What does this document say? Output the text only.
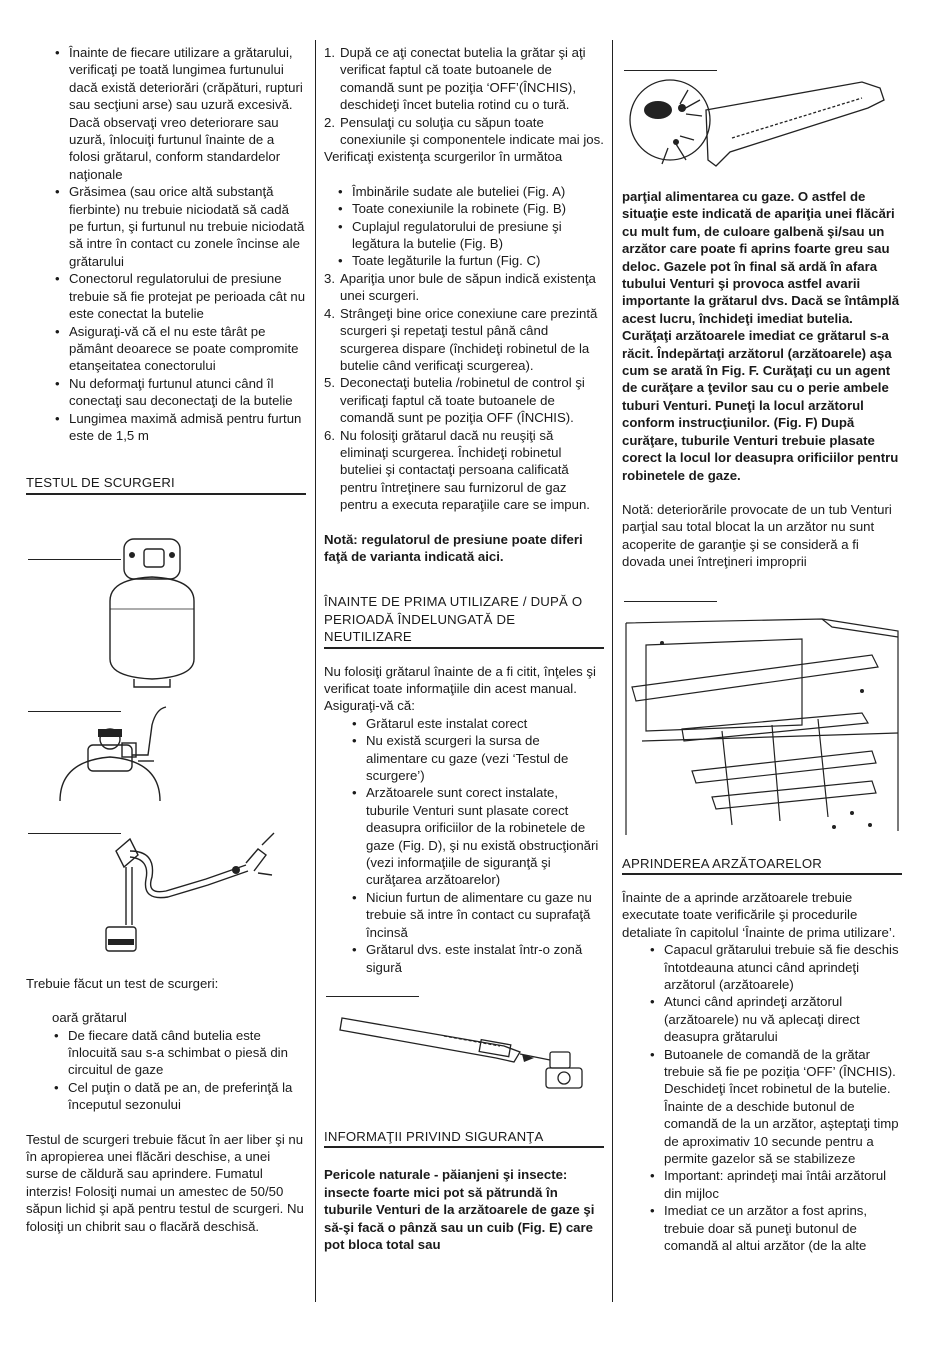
• Înainte de fiecare utilizare a grătarului, verificaţi pe toată lungimea furtunului dacă există deteriorări (crăpături, rupturi sau secţiuni arse) sau uzură excesivă. Dacă observaţi vreo deteriorare sau uzură, înlocuiţi furtunul înainte de a folosi grătarul, conform standardelor naţionale
• Grăsimea (sau orice altă substanţă fierbinte) nu trebuie niciodată să cadă pe furtun, şi furtunul nu trebuie niciodată să intre în contact cu zonele încinse ale grătarului
• Conectorul regulatorului de presiune trebuie să fie protejat pe perioada cât nu este conectat la butelie
• Asiguraţi-vă că el nu este târât pe pământ deoarece se poate compromite etanşeitatea conectorului
• Nu deformaţi furtunul atunci când îl conectaţi sau deconectaţi de la butelie
• Lungimea maximă admisă pentru furtun este de 1,5 m
TESTUL DE SCURGERI

Trebuie făcut un test de scurgeri:

oară grătarul

• De fiecare dată când butelia este înlocuită sau s-a schimbat o piesă din circuitul de gaze
• Cel puţin o dată pe an, de preferinţă la începutul sezonului

Testul de scurgeri trebuie făcut în aer liber şi nu în apropierea unei flăcări deschise, a unei surse de căldură sau aprindere. Fumatul interzis! Folosiţi numai un amestec de 50/50 săpun lichid şi apă pentru testul de scurgeri. Nu folosiţi un chibrit sau o flacără deschisă.

1. După ce aţi conectat butelia la grătar şi aţi verificat faptul că toate butoanele de comandă sunt pe poziţia ‘OFF’(ÎNCHIS), deschideţi încet butelia rotind cu o tură.
2. Pensulaţi cu soluţia cu săpun toate conexiunile şi componentele indicate mai jos.

Verificaţi existenţa scurgerilor în următoa

• Îmbinările sudate ale buteliei (Fig. A)
• Toate conexiunile la robinete (Fig. B)
• Cuplajul regulatorului de presiune şi legătura la butelie (Fig. B)
• Toate legăturile la furtun (Fig. C)
3. Apariţia unor bule de săpun indică existenţa unei scurgeri.
4. Strângeţi bine orice conexiune care prezintă scurgeri şi repetaţi testul până când scurgerea dispare (închideţi robinetul de la butelie când verificaţi scurgerea).
5. Deconectaţi butelia /robinetul de control şi verificaţi faptul că toate butoanele de comandă sunt pe poziţia OFF (ÎNCHIS).
6. Nu folosiţi grătarul dacă nu reuşiţi să eliminaţi scurgerea. Închideţi robinetul buteliei şi contactaţi persoana calificată pentru întreţinere sau furnizorul de gaz pentru a executa reparaţiile care se impun.

Notă: regulatorul de presiune poate diferi faţă de varianta indicată aici.

ÎNAINTE DE PRIMA UTILIZARE / DUPĂ O PERIOADĂ ÎNDELUNGATĂ DE NEUTILIZARE

Nu folosiţi grătarul înainte de a fi citit, înţeles şi verificat toate informaţiile din acest manual. Asiguraţi-vă că:

• Grătarul este instalat corect
• Nu există scurgeri la sursa de alimentare cu gaze (vezi ‘Testul de scurgere’)
• Arzătoarele sunt corect instalate, tuburile Venturi sunt plasate corect deasupra orificiilor de la robinetele de gaze (Fig. D), şi nu există obstrucţionări (vezi informaţiile de siguranţă şi curăţarea arzătoarelor)
• Niciun furtun de alimentare cu gaze nu trebuie să intre în contact cu suprafaţă încinsă
• Grătarul dvs. este instalat într-o zonă sigură
INFORMAŢII PRIVIND SIGURANŢA

Pericole naturale - păianjeni şi insecte: insecte foarte mici pot să pătrundă în tuburile Venturi de la arzătoarele de gaze şi să-şi facă o pânză sau un cuib (Fig. E) care pot bloca total sau

parţial alimentarea cu gaze. O astfel de situaţie este indicată de apariţia unei flăcări cu mult fum, de culoare galbenă şi/sau un arzător care poate fi aprins foarte greu sau deloc. Gazele pot în final să ardă în afara tubului Venturi şi provoca astfel avarii importante la grătarul dvs. Dacă se întâmplă acest lucru, închideţi imediat butelia. Curăţaţi arzătoarele imediat ce grătarul s-a răcit. Îndepărtaţi arzătorul (arzătoarele) aşa cum se arată în Fig. F. Curăţaţi cu un agent de curăţare a ţevilor sau cu o perie ambele tuburi Venturi. Puneţi la locul arzătorul conform instrucţiunilor. (Fig. F) După curăţare, tuburile Venturi trebuie plasate corect la locul lor deasupra orificiilor pentru robinetele de gaze.

Notă: deteriorările provocate de un tub Venturi parţial sau total blocat la un arzător nu sunt acoperite de garanţie şi se consideră a fi dovada unei întreţineri improprii

APRINDEREA ARZĂTOARELOR

Înainte de a aprinde arzătoarele trebuie executate toate verificările şi procedurile detaliate în capitolul ‘Înainte de prima utilizare’.

• Capacul grătarului trebuie să fie deschis întotdeauna atunci când aprindeţi arzătorul (arzătoarele)
• Atunci când aprindeţi arzătorul (arzătoarele) nu vă aplecaţi direct deasupra grătarului
• Butoanele de comandă de la grătar trebuie să fie pe poziţia ‘OFF’ (ÎNCHIS). Deschideţi încet robinetul de la butelie. Înainte de a deschide butonul de comandă de la un arzător, aşteptaţi timp de aproximativ 10 secunde pentru a permite gazelor să se stabilizeze
• Important: aprindeţi mai întâi arzătorul din mijloc
• Imediat ce un arzător a fost aprins, trebuie doar să puneţi butonul de comandă al altui arzător (de la alte
